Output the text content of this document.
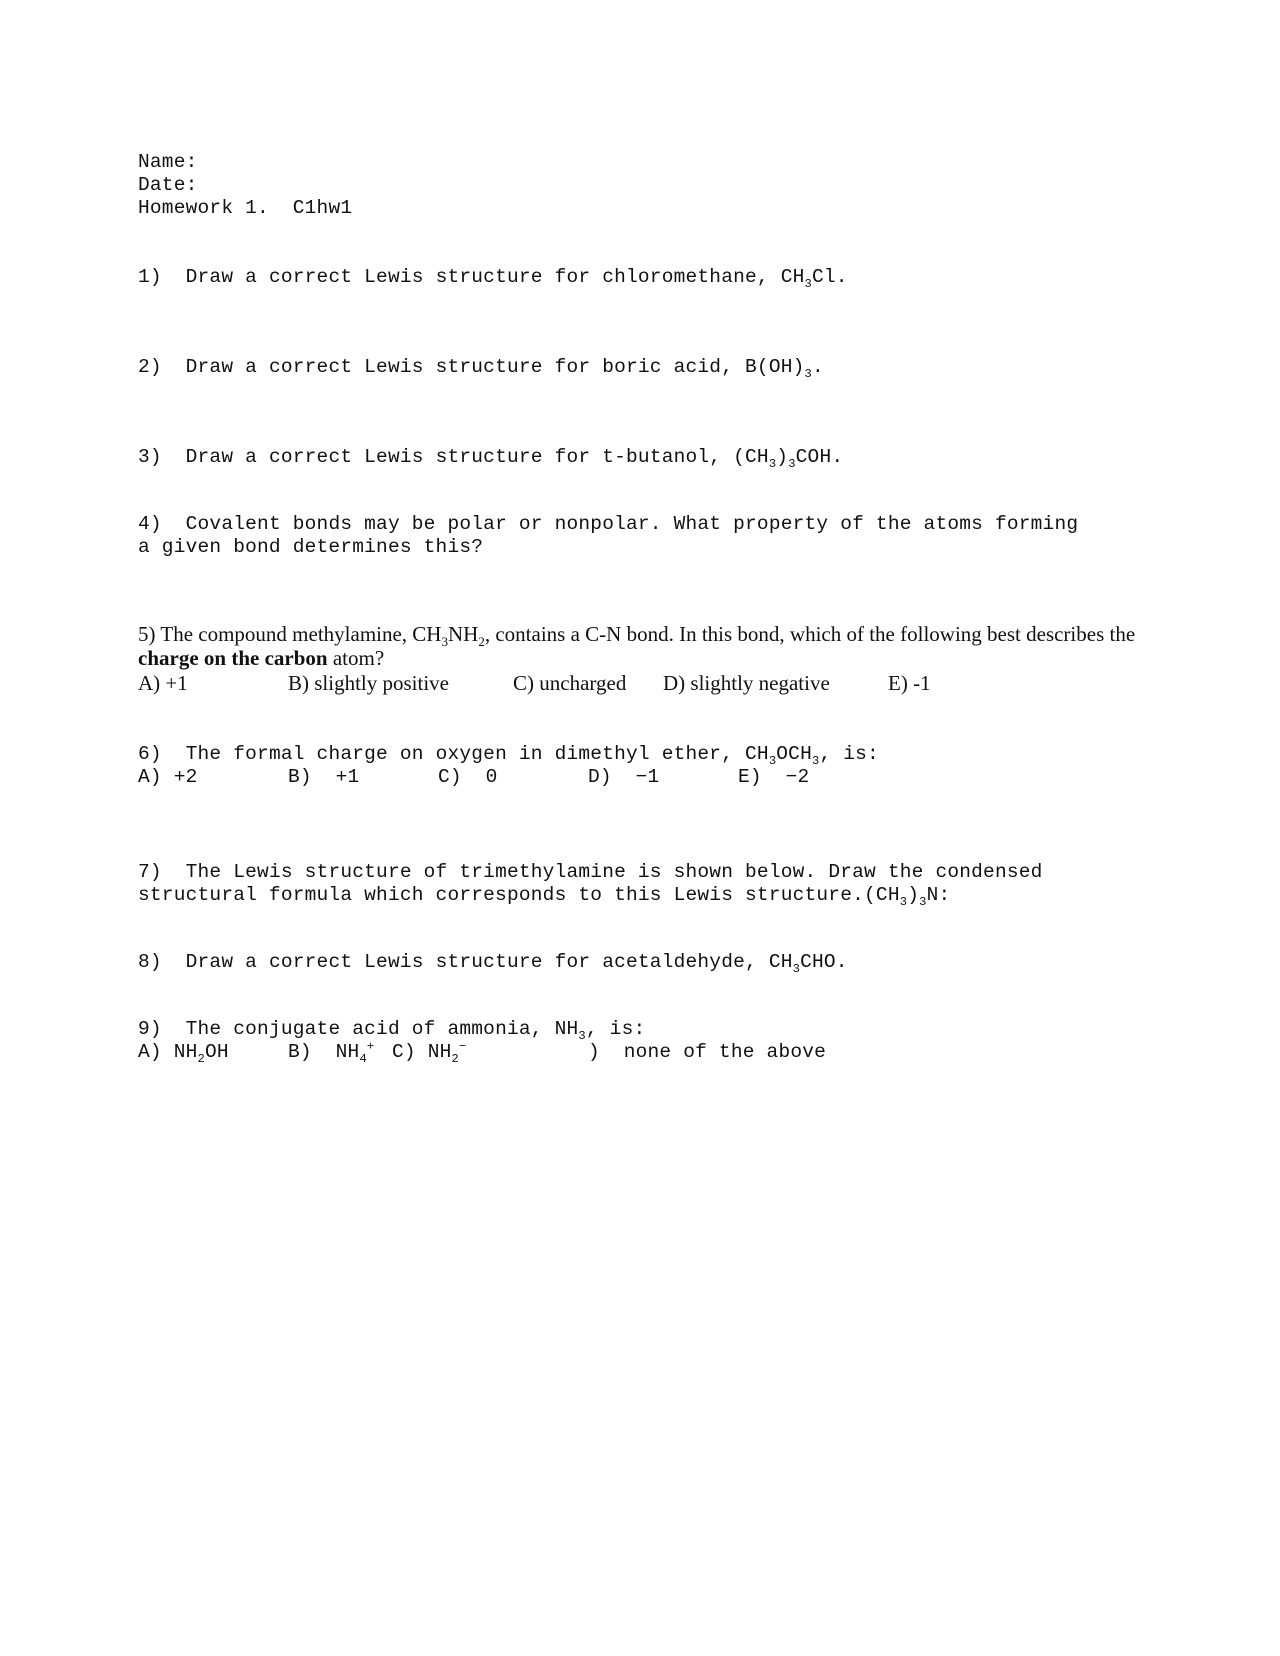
Name:
Date:
Homework 1. C1hw1
1) Draw a correct Lewis structure for chloromethane, $CH_3Cl$.
2) Draw a correct Lewis structure for boric acid, $B(OH)_3$.
3) Draw a correct Lewis structure for t-butanol, $(CH_3)_3COH$.
4) Covalent bonds may be polar or nonpolar. What property of the atoms forming
a given bond determines this?
5) The compound methylamine, $CH_3NH_2$, contains a C-N bond. In this bond, which of the following best describes the
charge on the carbon atom?
A) +1	B) slightly positive	C) uncharged D) slightly negative	E) -1
6) The formal charge on oxygen in dimethyl ether, $CH_3OCH_3$, is:
A) +2	B)  +1	C)  0	D)  −1	E)  −2
7) The Lewis structure of trimethylamine is shown below. Draw the condensed
structural formula which corresponds to this Lewis $structure.(CH_3)_3N$:
8) Draw a correct Lewis structure for acetaldehyde, $CH_3CHO$.
9) The conjugate acid of ammonia, $NH_3$, is:
A) $NH_2OH$	B) $NH_4^+$ C) $NH_2^-$	) none of the above
